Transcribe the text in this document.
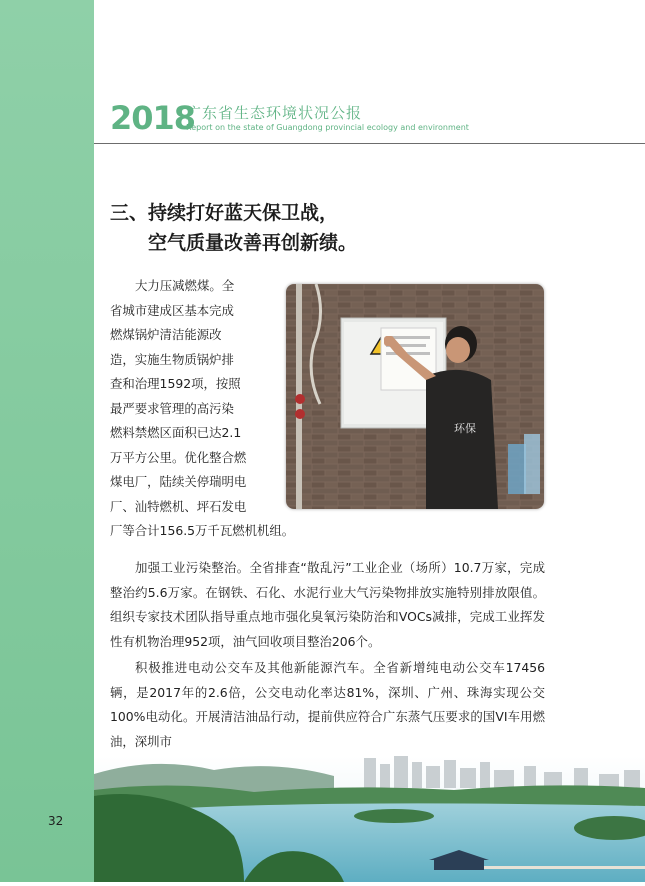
32
2018
广东省生态环境状况公报
Report on the state of Guangdong provincial ecology and environment
三、持续打好蓝天保卫战，
空气质量改善再创新绩。
大力压减燃煤。全
省城市建成区基本完成
燃煤锅炉清洁能源改
造，实施生物质锅炉排
查和治理1592项，按照
最严要求管理的高污染
燃料禁燃区面积已达2.1
万平方公里。优化整合燃
煤电厂，陆续关停瑞明电
厂、汕特燃机、坪石发电
厂等合计156.5万千瓦燃机机组。
环保
加强工业污染整治。全省排查“散乱污”工业企业（场所）10.7万家，完成整治约5.6万家。在钢铁、石化、水泥行业大气污染物排放实施特别排放限值。组织专家技术团队指导重点地市强化臭氧污染防治和VOCs减排，完成工业挥发性有机物治理952项，油气回收项目整治206个。
积极推进电动公交车及其他新能源汽车。全省新增纯电动公交车17456辆，是2017年的2.6倍，公交电动化率达81%，深圳、广州、珠海实现公交100%电动化。开展清洁油品行动，提前供应符合广东蒸气压要求的国VI车用燃油，深圳市
